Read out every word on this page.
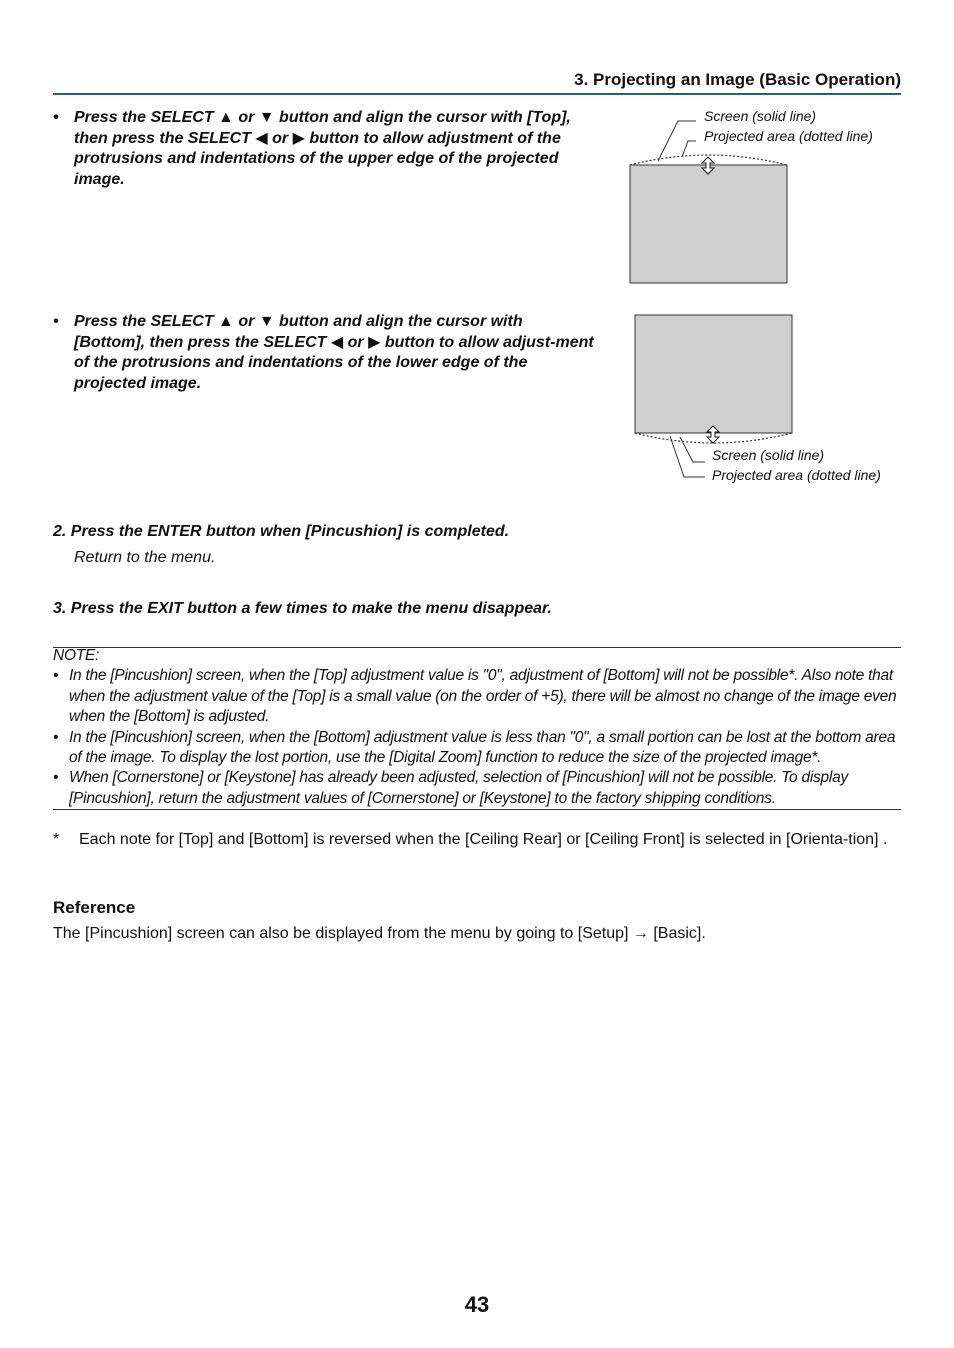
3. Projecting an Image (Basic Operation)
• Press the SELECT ▲ or ▼ button and align the cursor with [Top], then press the SELECT ◀ or ▶ button to allow adjustment of the protrusions and indentations of the upper edge of the projected image.
Screen (solid line)
Projected area (dotted line)
• Press the SELECT ▲ or ▼ button and align the cursor with [Bottom], then press the SELECT ◀ or ▶ button to allow adjust-ment of the protrusions and indentations of the lower edge of the projected image.
Screen (solid line)
Projected area (dotted line)
2. Press the ENTER button when [Pincushion] is completed.
Return to the menu.
3. Press the EXIT button a few times to make the menu disappear.
NOTE:
• In the [Pincushion] screen, when the [Top] adjustment value is "0", adjustment of [Bottom] will not be possible*. Also note that when the adjustment value of the [Top] is a small value (on the order of +5), there will be almost no change of the image even when the [Bottom] is adjusted.
• In the [Pincushion] screen, when the [Bottom] adjustment value is less than "0", a small portion can be lost at the bottom area of the image. To display the lost portion, use the [Digital Zoom] function to reduce the size of the projected image*.
• When [Cornerstone] or [Keystone] has already been adjusted, selection of [Pincushion] will not be possible. To display [Pincushion], return the adjustment values of [Cornerstone] or [Keystone] to the factory shipping conditions.
* Each note for [Top] and [Bottom] is reversed when the [Ceiling Rear] or [Ceiling Front] is selected in [Orienta-tion] .
Reference
The [Pincushion] screen can also be displayed from the menu by going to [Setup] → [Basic].
43
